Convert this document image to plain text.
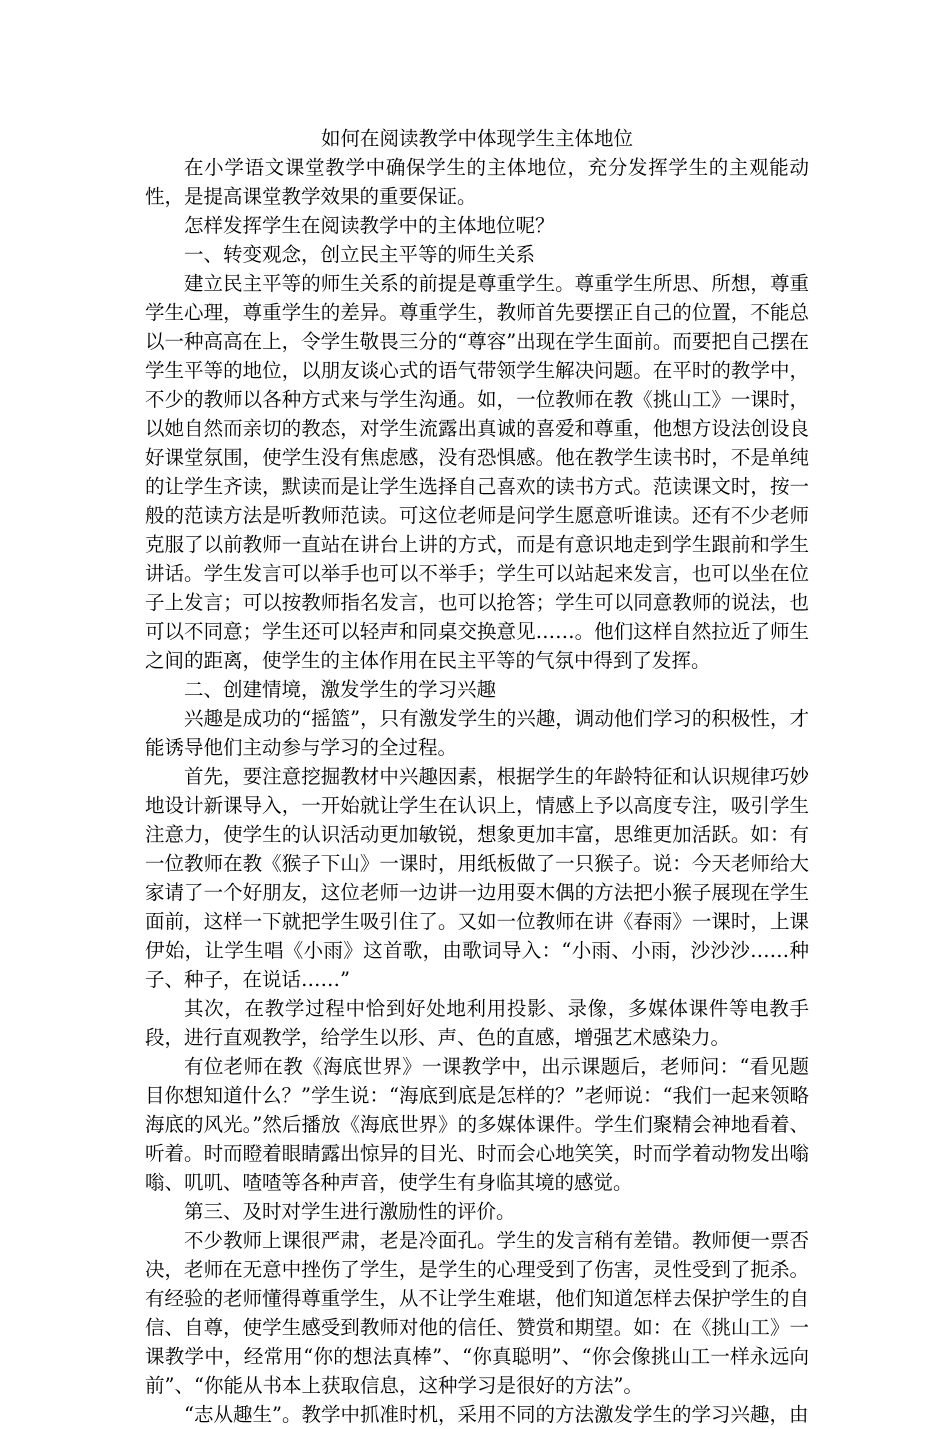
如何在阅读教学中体现学生主体地位

在小学语文课堂教学中确保学生的主体地位，充分发挥学生的主观能动性，是提高课堂教学效果的重要保证。

怎样发挥学生在阅读教学中的主体地位呢？

一、转变观念，创立民主平等的师生关系

建立民主平等的师生关系的前提是尊重学生。尊重学生所思、所想，尊重学生心理，尊重学生的差异。尊重学生，教师首先要摆正自己的位置，不能总以一种高高在上，令学生敬畏三分的“尊容”出现在学生面前。而要把自己摆在学生平等的地位，以朋友谈心式的语气带领学生解决问题。在平时的教学中，不少的教师以各种方式来与学生沟通。如，一位教师在教《挑山工》一课时，以她自然而亲切的教态，对学生流露出真诚的喜爱和尊重，他想方设法创设良好课堂氛围，使学生没有焦虑感，没有恐惧感。他在教学生读书时，不是单纯的让学生齐读，默读而是让学生选择自己喜欢的读书方式。范读课文时，按一般的范读方法是听教师范读。可这位老师是问学生愿意听谁读。还有不少老师克服了以前教师一直站在讲台上讲的方式，而是有意识地走到学生跟前和学生讲话。学生发言可以举手也可以不举手；学生可以站起来发言，也可以坐在位子上发言；可以按教师指名发言，也可以抢答；学生可以同意教师的说法，也可以不同意；学生还可以轻声和同桌交换意见……。他们这样自然拉近了师生之间的距离，使学生的主体作用在民主平等的气氛中得到了发挥。

二、创建情境，激发学生的学习兴趣

兴趣是成功的“摇篮”，只有激发学生的兴趣，调动他们学习的积极性，才能诱导他们主动参与学习的全过程。

首先，要注意挖掘教材中兴趣因素，根据学生的年龄特征和认识规律巧妙地设计新课导入，一开始就让学生在认识上，情感上予以高度专注，吸引学生注意力，使学生的认识活动更加敏锐，想象更加丰富，思维更加活跃。如：有一位教师在教《猴子下山》一课时，用纸板做了一只猴子。说：今天老师给大家请了一个好朋友，这位老师一边讲一边用耍木偶的方法把小猴子展现在学生面前，这样一下就把学生吸引住了。又如一位教师在讲《春雨》一课时，上课伊始，让学生唱《小雨》这首歌，由歌词导入：“小雨、小雨，沙沙沙……种子、种子，在说话……”

其次，在教学过程中恰到好处地利用投影、录像，多媒体课件等电教手段，进行直观教学，给学生以形、声、色的直感，增强艺术感染力。

有位老师在教《海底世界》一课教学中，出示课题后，老师问：“看见题目你想知道什么？”学生说：“海底到底是怎样的？”老师说：“我们一起来领略海底的风光。”然后播放《海底世界》的多媒体课件。学生们聚精会神地看着、听着。时而瞪着眼睛露出惊异的目光、时而会心地笑笑，时而学着动物发出嗡嗡、叽叽、喳喳等各种声音，使学生有身临其境的感觉。

第三、及时对学生进行激励性的评价。

不少教师上课很严肃，老是冷面孔。学生的发言稍有差错。教师便一票否决，老师在无意中挫伤了学生，是学生的心理受到了伤害，灵性受到了扼杀。有经验的老师懂得尊重学生，从不让学生难堪，他们知道怎样去保护学生的自信、自尊，使学生感受到教师对他的信任、赞赏和期望。如：在《挑山工》一课教学中，经常用“你的想法真棒”、“你真聪明”、“你会像挑山工一样永远向前”、“你能从书本上获取信息，这种学习是很好的方法”。

“志从趣生”。教学中抓准时机，采用不同的方法激发学生的学习兴趣，由
